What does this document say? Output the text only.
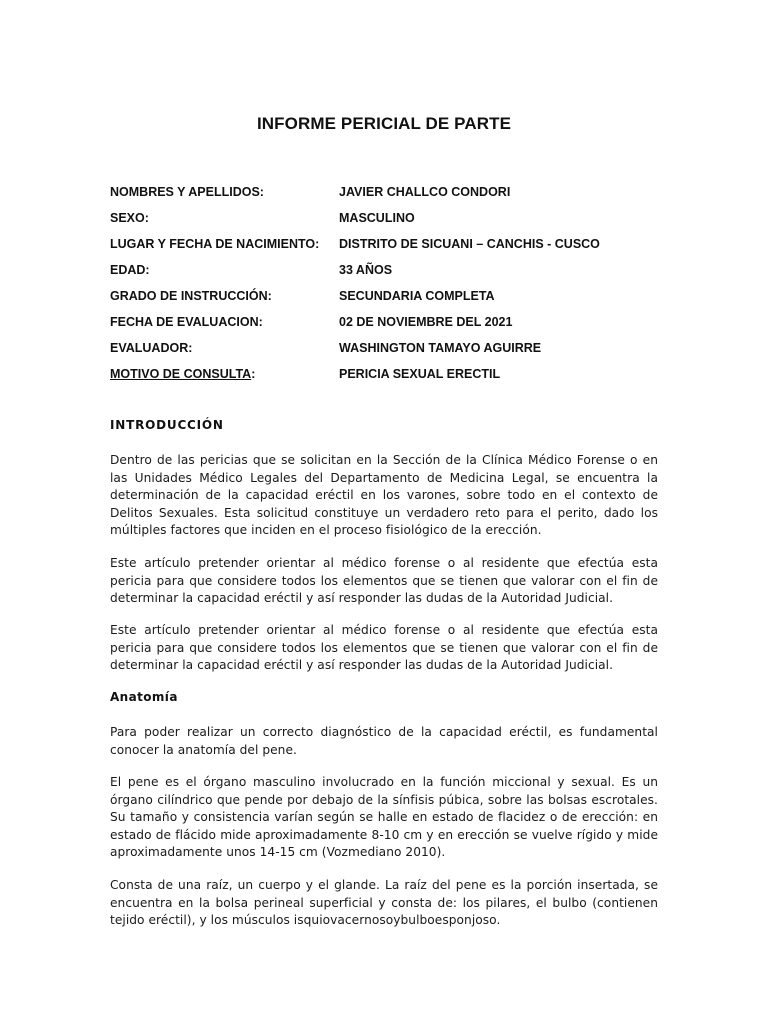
INFORME PERICIAL DE PARTE
NOMBRES Y APELLIDOS:	JAVIER CHALLCO CONDORI
SEXO:	MASCULINO
LUGAR Y FECHA DE NACIMIENTO: DISTRITO DE SICUANI – CANCHIS - CUSCO
EDAD:	33 AÑOS
GRADO DE INSTRUCCIÓN:	SECUNDARIA COMPLETA
FECHA DE EVALUACION:	02 DE NOVIEMBRE DEL 2021
EVALUADOR:	WASHINGTON TAMAYO AGUIRRE
MOTIVO DE CONSULTA:	PERICIA SEXUAL ERECTIL
INTRODUCCIÓN

Dentro de las pericias que se solicitan en la Sección de la Clínica Médico Forense o en las Unidades Médico Legales del Departamento de Medicina Legal, se encuentra la determinación de la capacidad eréctil en los varones, sobre todo en el contexto de Delitos Sexuales. Esta solicitud constituye un verdadero reto para el perito, dado los múltiples factores que inciden en el proceso fisiológico de la erección.

Este artículo pretender orientar al médico forense o al residente que efectúa esta pericia para que considere todos los elementos que se tienen que valorar con el fin de determinar la capacidad eréctil y así responder las dudas de la Autoridad Judicial.

Este artículo pretender orientar al médico forense o al residente que efectúa esta pericia para que considere todos los elementos que se tienen que valorar con el fin de determinar la capacidad eréctil y así responder las dudas de la Autoridad Judicial.

Anatomía

Para poder realizar un correcto diagnóstico de la capacidad eréctil, es fundamental conocer la anatomía del pene.

El pene es el órgano masculino involucrado en la función miccional y sexual. Es un órgano cilíndrico que pende por debajo de la sínfisis púbica, sobre las bolsas escrotales. Su tamaño y consistencia varían según se halle en estado de flacidez o de erección: en estado de flácido mide aproximadamente 8-10 cm y en erección se vuelve rígido y mide aproximadamente unos 14-15 cm (Vozmediano 2010).

Consta de una raíz, un cuerpo y el glande. La raíz del pene es la porción insertada, se encuentra en la bolsa perineal superficial y consta de: los pilares, el bulbo (contienen tejido eréctil), y los músculos isquiovacernosoybulboesponjoso.
